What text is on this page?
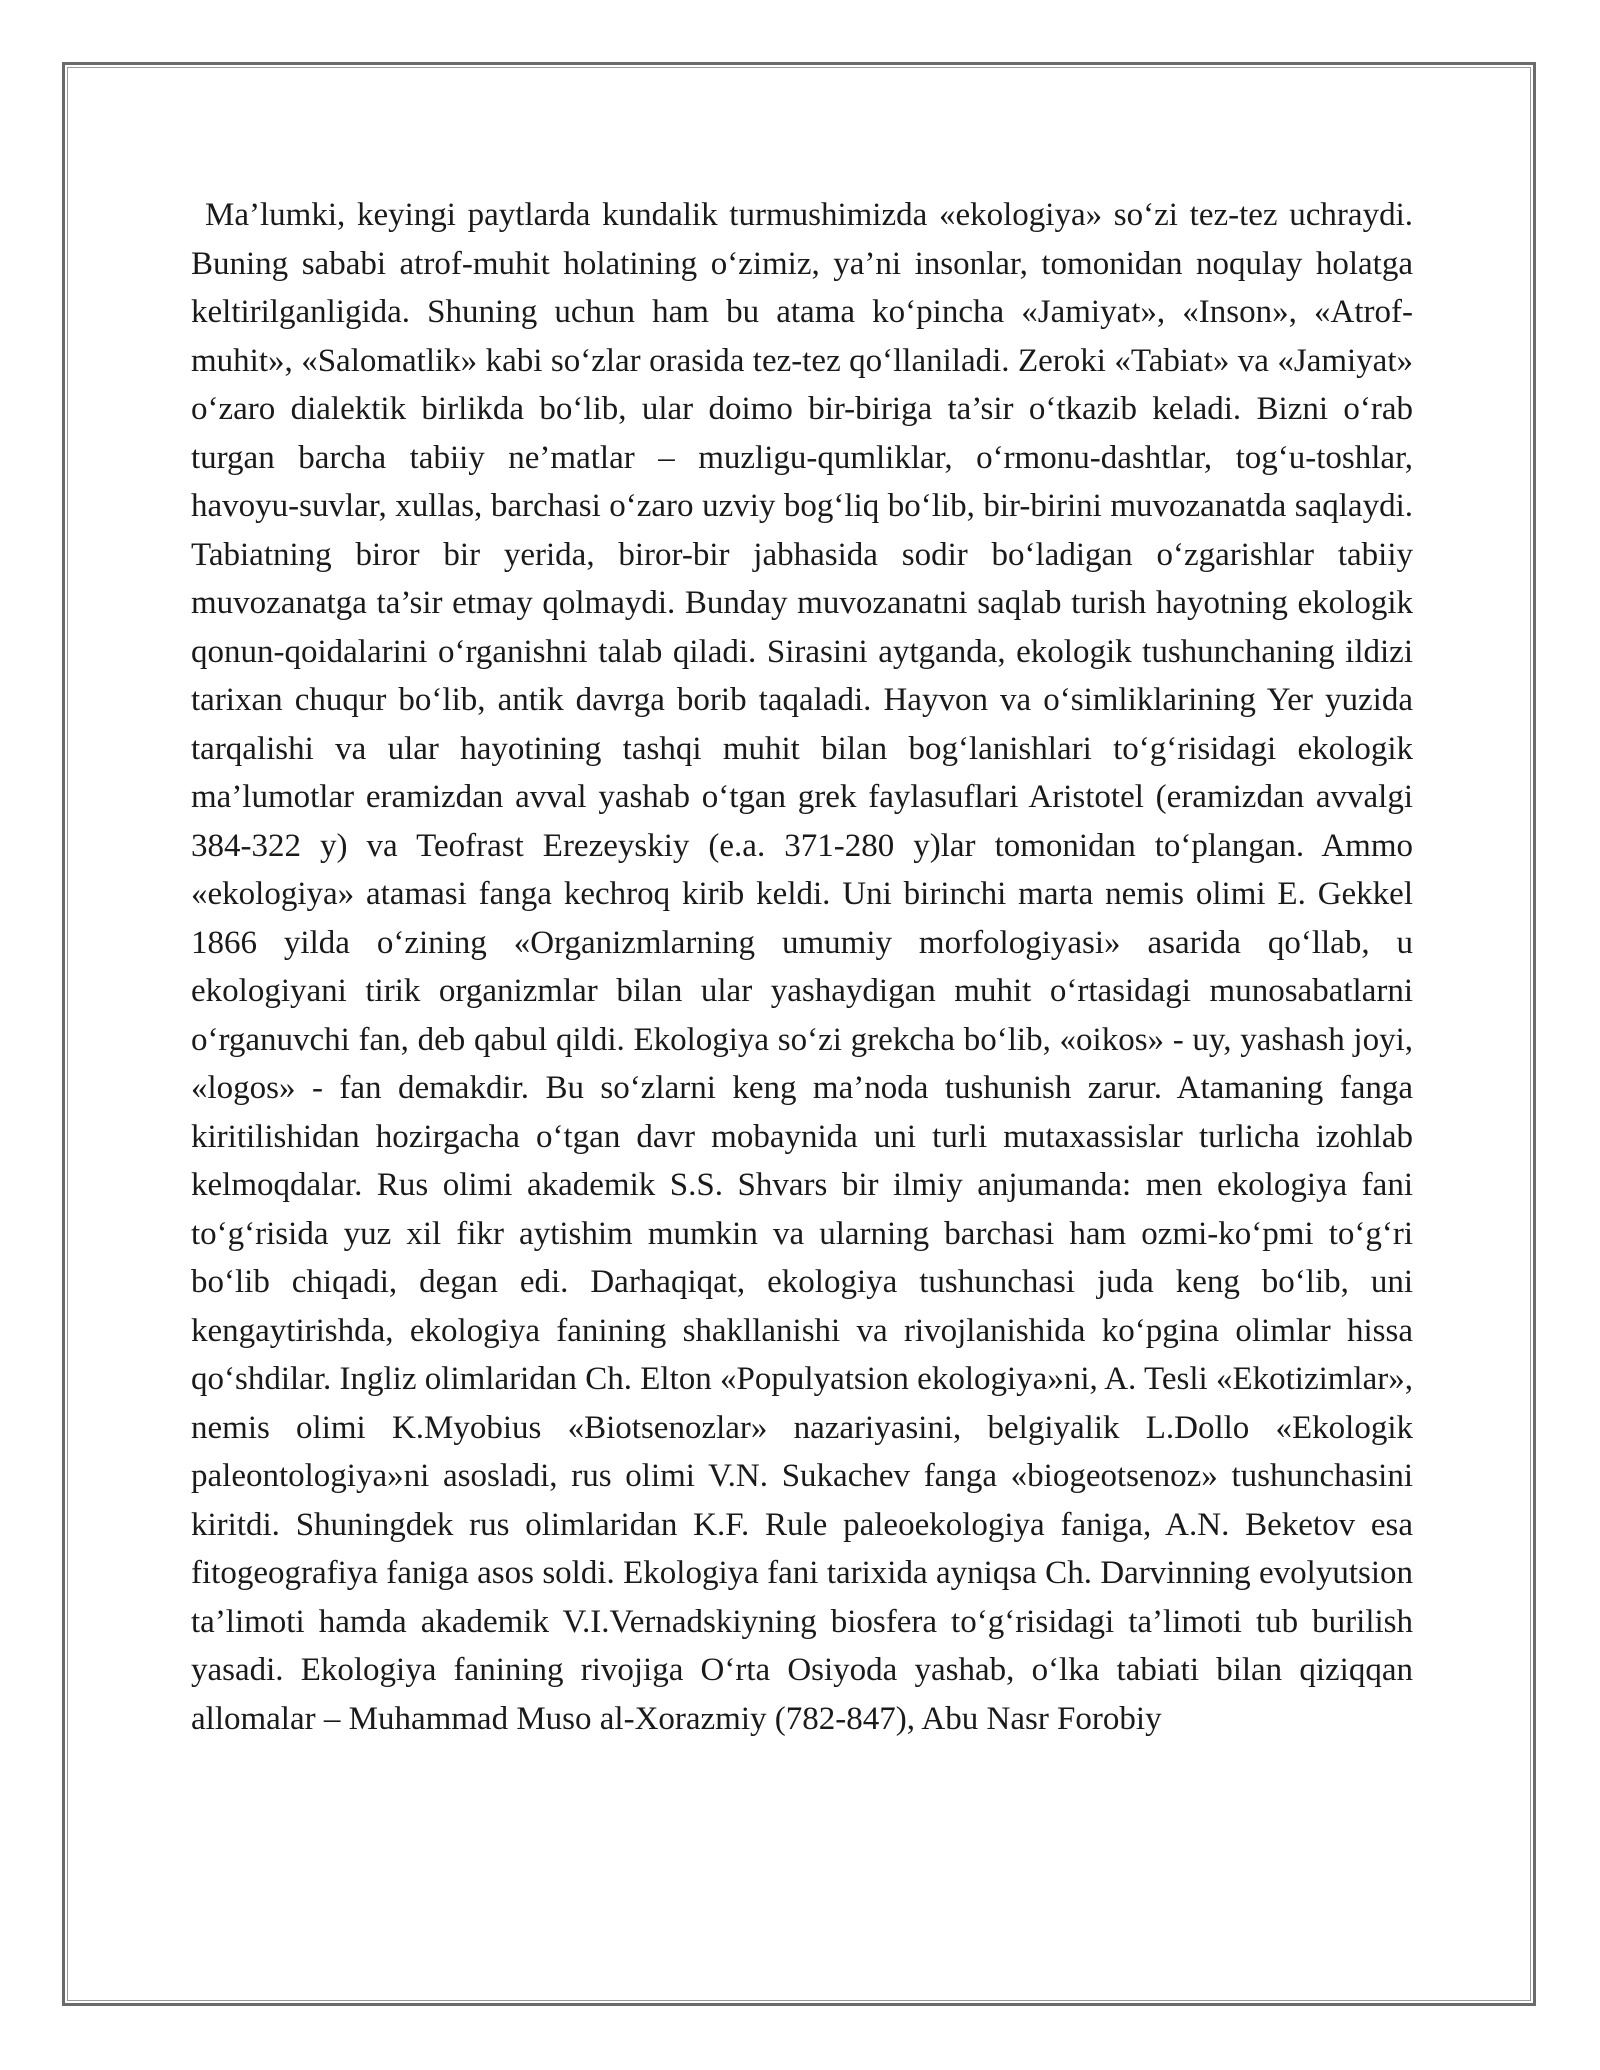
Ma’lumki, keyingi paytlarda kundalik turmushimizda «ekologiya» so‘zi tez-tez uchraydi. Buning sababi atrof-muhit holatining o‘zimiz, ya’ni insonlar, tomonidan noqulay holatga keltirilganligida. Shuning uchun ham bu atama ko‘pincha «Jamiyat», «Inson», «Atrof-muhit», «Salomatlik» kabi so‘zlar orasida tez-tez qo‘llaniladi. Zeroki «Tabiat» va «Jamiyat» o‘zaro dialektik birlikda bo‘lib, ular doimo bir-biriga ta’sir o‘tkazib keladi. Bizni o‘rab turgan barcha tabiiy ne’matlar – muzligu-qumliklar, o‘rmonu-dashtlar, tog‘u-toshlar, havoyu-suvlar, xullas, barchasi o‘zaro uzviy bog‘liq bo‘lib, bir-birini muvozanatda saqlaydi. Tabiatning biror bir yerida, biror-bir jabhasida sodir bo‘ladigan o‘zgarishlar tabiiy muvozanatga ta’sir etmay qolmaydi. Bunday muvozanatni saqlab turish hayotning ekologik qonun-qoidalarini o‘rganishni talab qiladi. Sirasini aytganda, ekologik tushunchaning ildizi tarixan chuqur bo‘lib, antik davrga borib taqaladi. Hayvon va o‘simliklarining Yer yuzida tarqalishi va ular hayotining tashqi muhit bilan bog‘lanishlari to‘g‘risidagi ekologik ma’lumotlar eramizdan avval yashab o‘tgan grek faylasuflari Aristotel (eramizdan avvalgi 384-322 y) va Teofrast Erezeyskiy (e.a. 371-280 y)lar tomonidan to‘plangan. Ammo «ekologiya» atamasi fanga kechroq kirib keldi. Uni birinchi marta nemis olimi E. Gekkel 1866 yilda o‘zining «Organizmlarning umumiy morfologiyasi» asarida qo‘llab, u ekologiyani tirik organizmlar bilan ular yashaydigan muhit o‘rtasidagi munosabatlarni o‘rganuvchi fan, deb qabul qildi. Ekologiya so‘zi grekcha bo‘lib, «oikos» - uy, yashash joyi, «logos» - fan demakdir. Bu so‘zlarni keng ma’noda tushunish zarur. Atamaning fanga kiritilishidan hozirgacha o‘tgan davr mobaynida uni turli mutaxassislar turlicha izohlab kelmoqdalar. Rus olimi akademik S.S. Shvars bir ilmiy anjumanda: men ekologiya fani to‘g‘risida yuz xil fikr aytishim mumkin va ularning barchasi ham ozmi-ko‘pmi to‘g‘ri bo‘lib chiqadi, degan edi. Darhaqiqat, ekologiya tushunchasi juda keng bo‘lib, uni kengaytirishda, ekologiya fanining shakllanishi va rivojlanishida ko‘pgina olimlar hissa qo‘shdilar. Ingliz olimlaridan Ch. Elton «Populyatsion ekologiya»ni, A. Tesli «Ekotizimlar», nemis olimi K.Myobius «Biotsenozlar» nazariyasini, belgiyalik L.Dollo «Ekologik paleontologiya»ni asosladi, rus olimi V.N. Sukachev fanga «biogeotsenoz» tushunchasini kiritdi. Shuningdek rus olimlaridan K.F. Rule paleoekologiya faniga, A.N. Beketov esa fitogeografiya faniga asos soldi. Ekologiya fani tarixida ayniqsa Ch. Darvinning evolyutsion ta’limoti hamda akademik V.I.Vernadskiyning biosfera to‘g‘risidagi ta’limoti tub burilish yasadi. Ekologiya fanining rivojiga O‘rta Osiyoda yashab, o‘lka tabiati bilan qiziqqan allomalar – Muhammad Muso al-Xorazmiy (782-847), Abu Nasr Forobiy
